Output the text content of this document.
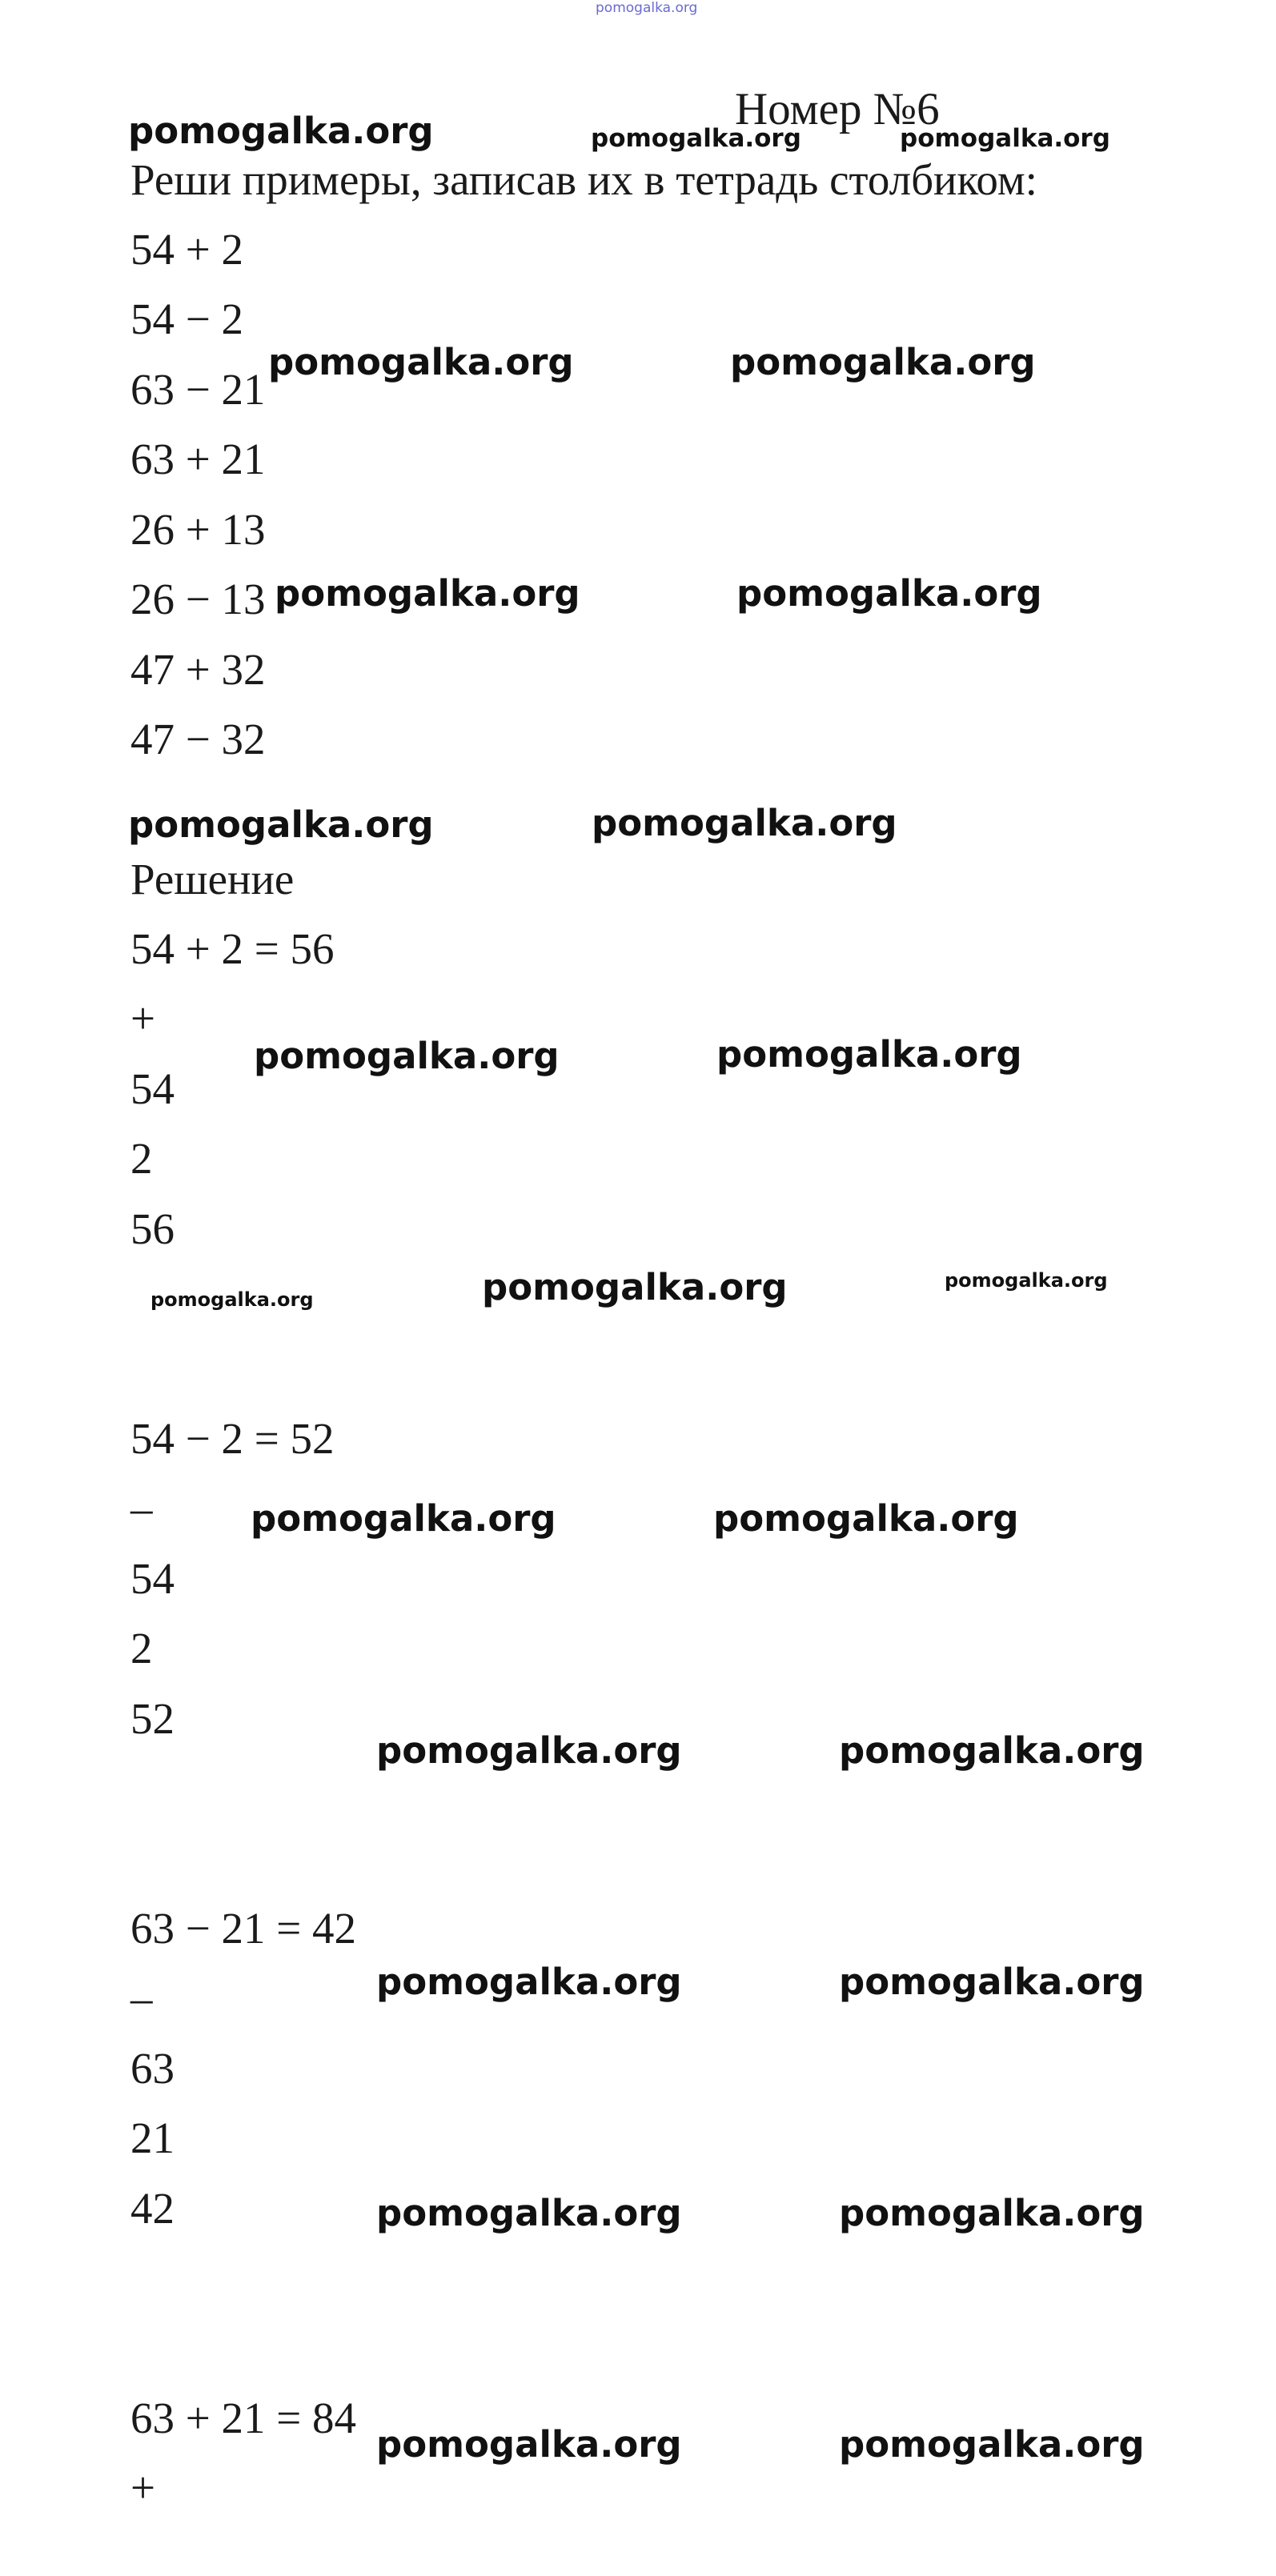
pomogalka.org
Номер №6
Реши примеры, записав их в тетрадь столбиком:
54 + 2
54 − 2
63 − 21
63 + 21
26 + 13
26 − 13
47 + 32
47 − 32
Решение
54 + 2 = 56
+
54
2
56
54 − 2 = 52
–
54
2
52
63 − 21 = 42
–
63
21
42
63 + 21 = 84
+
pomogalka.org	pomogalka.org	pomogalka.org
pomogalka.org	pomogalka.org
pomogalka.org	pomogalka.org
pomogalka.org	pomogalka.org
pomogalka.org	pomogalka.org
pomogalka.org	pomogalka.org	pomogalka.org
pomogalka.org	pomogalka.org
pomogalka.org	pomogalka.org
pomogalka.org	pomogalka.org
pomogalka.org	pomogalka.org
pomogalka.org	pomogalka.org
